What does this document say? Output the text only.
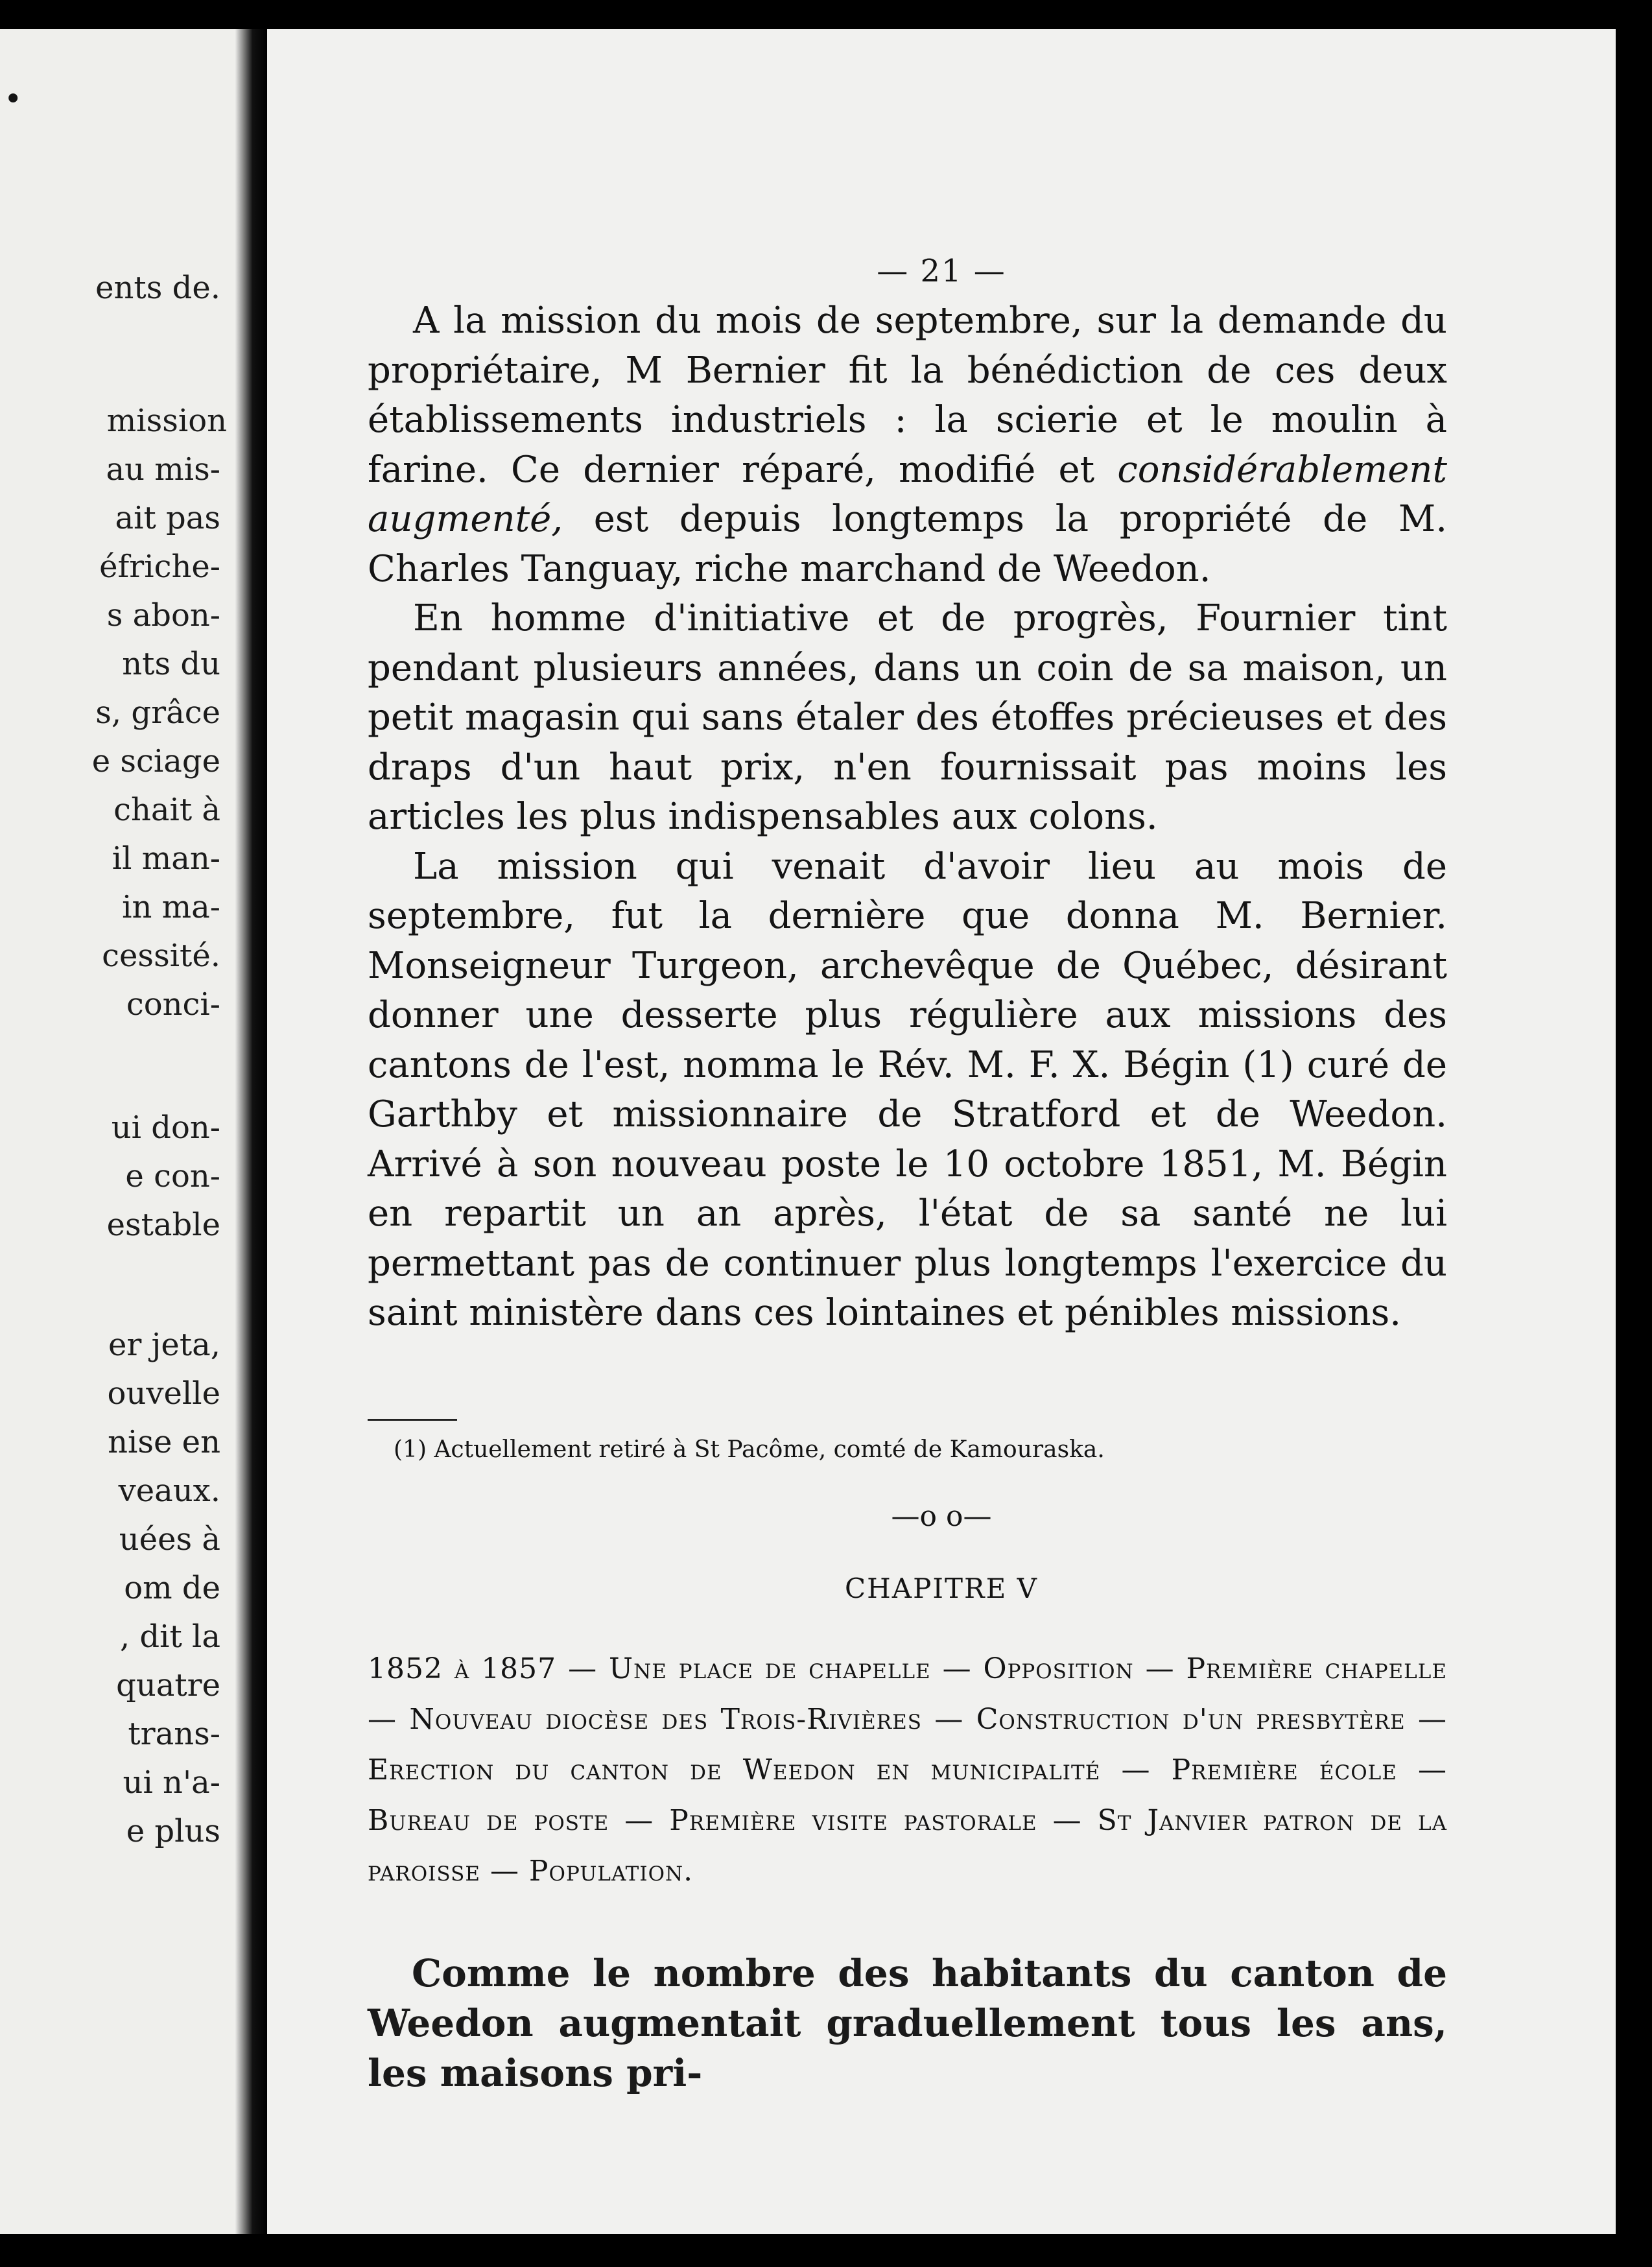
•
ents de.
mission
au mis-
ait pas
éfriche-
s abon-
nts du
s, grâce
e sciage
chait à
il man-
in ma-
cessité.
conci-
ui don-
e con-
estable
er jeta,
ouvelle
nise en
veaux.
uées à
om de
, dit la
quatre
trans-
ui n'a-
e plus
— 21 —

A la mission du mois de septembre, sur la demande du propriétaire, M Bernier fit la bénédiction de ces deux établissements industriels : la scierie et le moulin à farine. Ce dernier réparé, modifié et considérablement augmenté, est depuis longtemps la propriété de M. Charles Tanguay, riche marchand de Weedon.

En homme d'initiative et de progrès, Fournier tint pendant plusieurs années, dans un coin de sa maison, un petit magasin qui sans étaler des étoffes précieuses et des draps d'un haut prix, n'en fournissait pas moins les articles les plus indispensables aux colons.

La mission qui venait d'avoir lieu au mois de septembre, fut la dernière que donna M. Bernier. Monseigneur Turgeon, archevêque de Québec, désirant donner une desserte plus régulière aux missions des cantons de l'est, nomma le Rév. M. F. X. Bégin (1) curé de Garthby et missionnaire de Stratford et de Weedon. Arrivé à son nouveau poste le 10 octobre 1851, M. Bégin en repartit un an après, l'état de sa santé ne lui permettant pas de continuer plus longtemps l'exercice du saint ministère dans ces lointaines et pénibles missions.

(1) Actuellement retiré à St Pacôme, comté de Kamouraska.
—o o—
CHAPITRE V
1852 à 1857 — Une place de chapelle — Opposition — Première chapelle — Nouveau diocèse des Trois-Rivières — Construction d'un presbytère — Erection du canton de Weedon en municipalité — Première école — Bureau de poste — Première visite pastorale — St Janvier patron de la paroisse — Population.
Comme le nombre des habitants du canton de Weedon augmentait graduellement tous les ans, les maisons pri-
